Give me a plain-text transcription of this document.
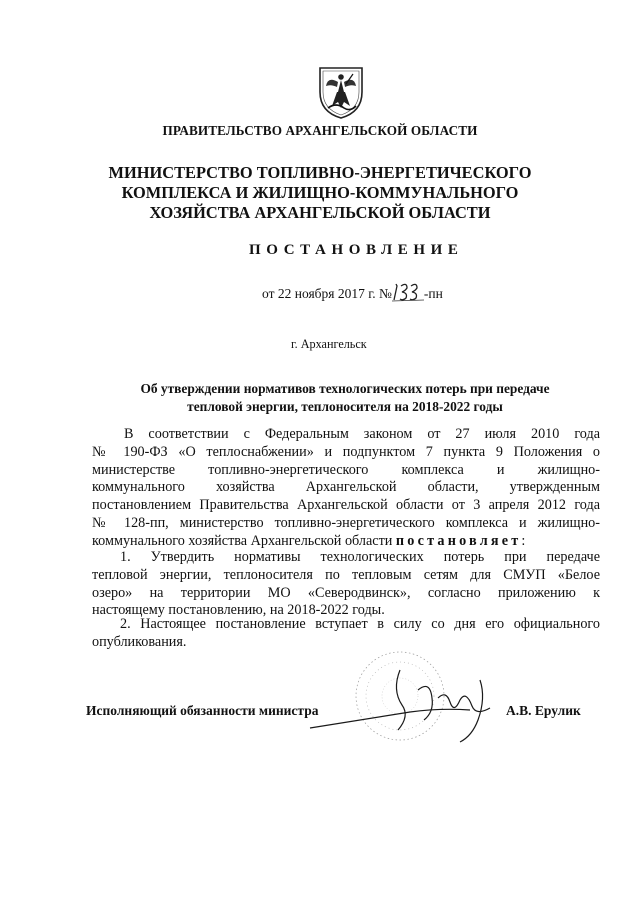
ПРАВИТЕЛЬСТВО АРХАНГЕЛЬСКОЙ ОБЛАСТИ
МИНИСТЕРСТВО ТОПЛИВНО-ЭНЕРГЕТИЧЕСКОГО
КОМПЛЕКСА И ЖИЛИЩНО-КОММУНАЛЬНОГО
ХОЗЯЙСТВА АРХАНГЕЛЬСКОЙ ОБЛАСТИ
ПОСТАНОВЛЕНИЕ
от 22 ноября 2017 г. № -пн
г. Архангельск
Об утверждении нормативов технологических потерь при передаче
тепловой энергии, теплоносителя на 2018-2022 годы
В соответствии с Федеральным законом от 27 июля 2010 года
№ 190-ФЗ «О теплоснабжении» и подпунктом 7 пункта 9 Положения о
министерстве топливно-энергетического комплекса и жилищно-
коммунального хозяйства Архангельской области, утвержденным
постановлением Правительства Архангельской области от 3 апреля 2012 года
№ 128-пп, министерство топливно-энергетического комплекса и жилищно-
коммунального хозяйства Архангельской области постановляет:
1. Утвердить нормативы технологических потерь при передаче
тепловой энергии, теплоносителя по тепловым сетям для СМУП «Белое
озеро» на территории МО «Северодвинск», согласно приложению к
настоящему постановлению, на 2018-2022 годы.
2. Настоящее постановление вступает в силу со дня его официального
опубликования.
Исполняющий обязанности министра	А.В. Ерулик
